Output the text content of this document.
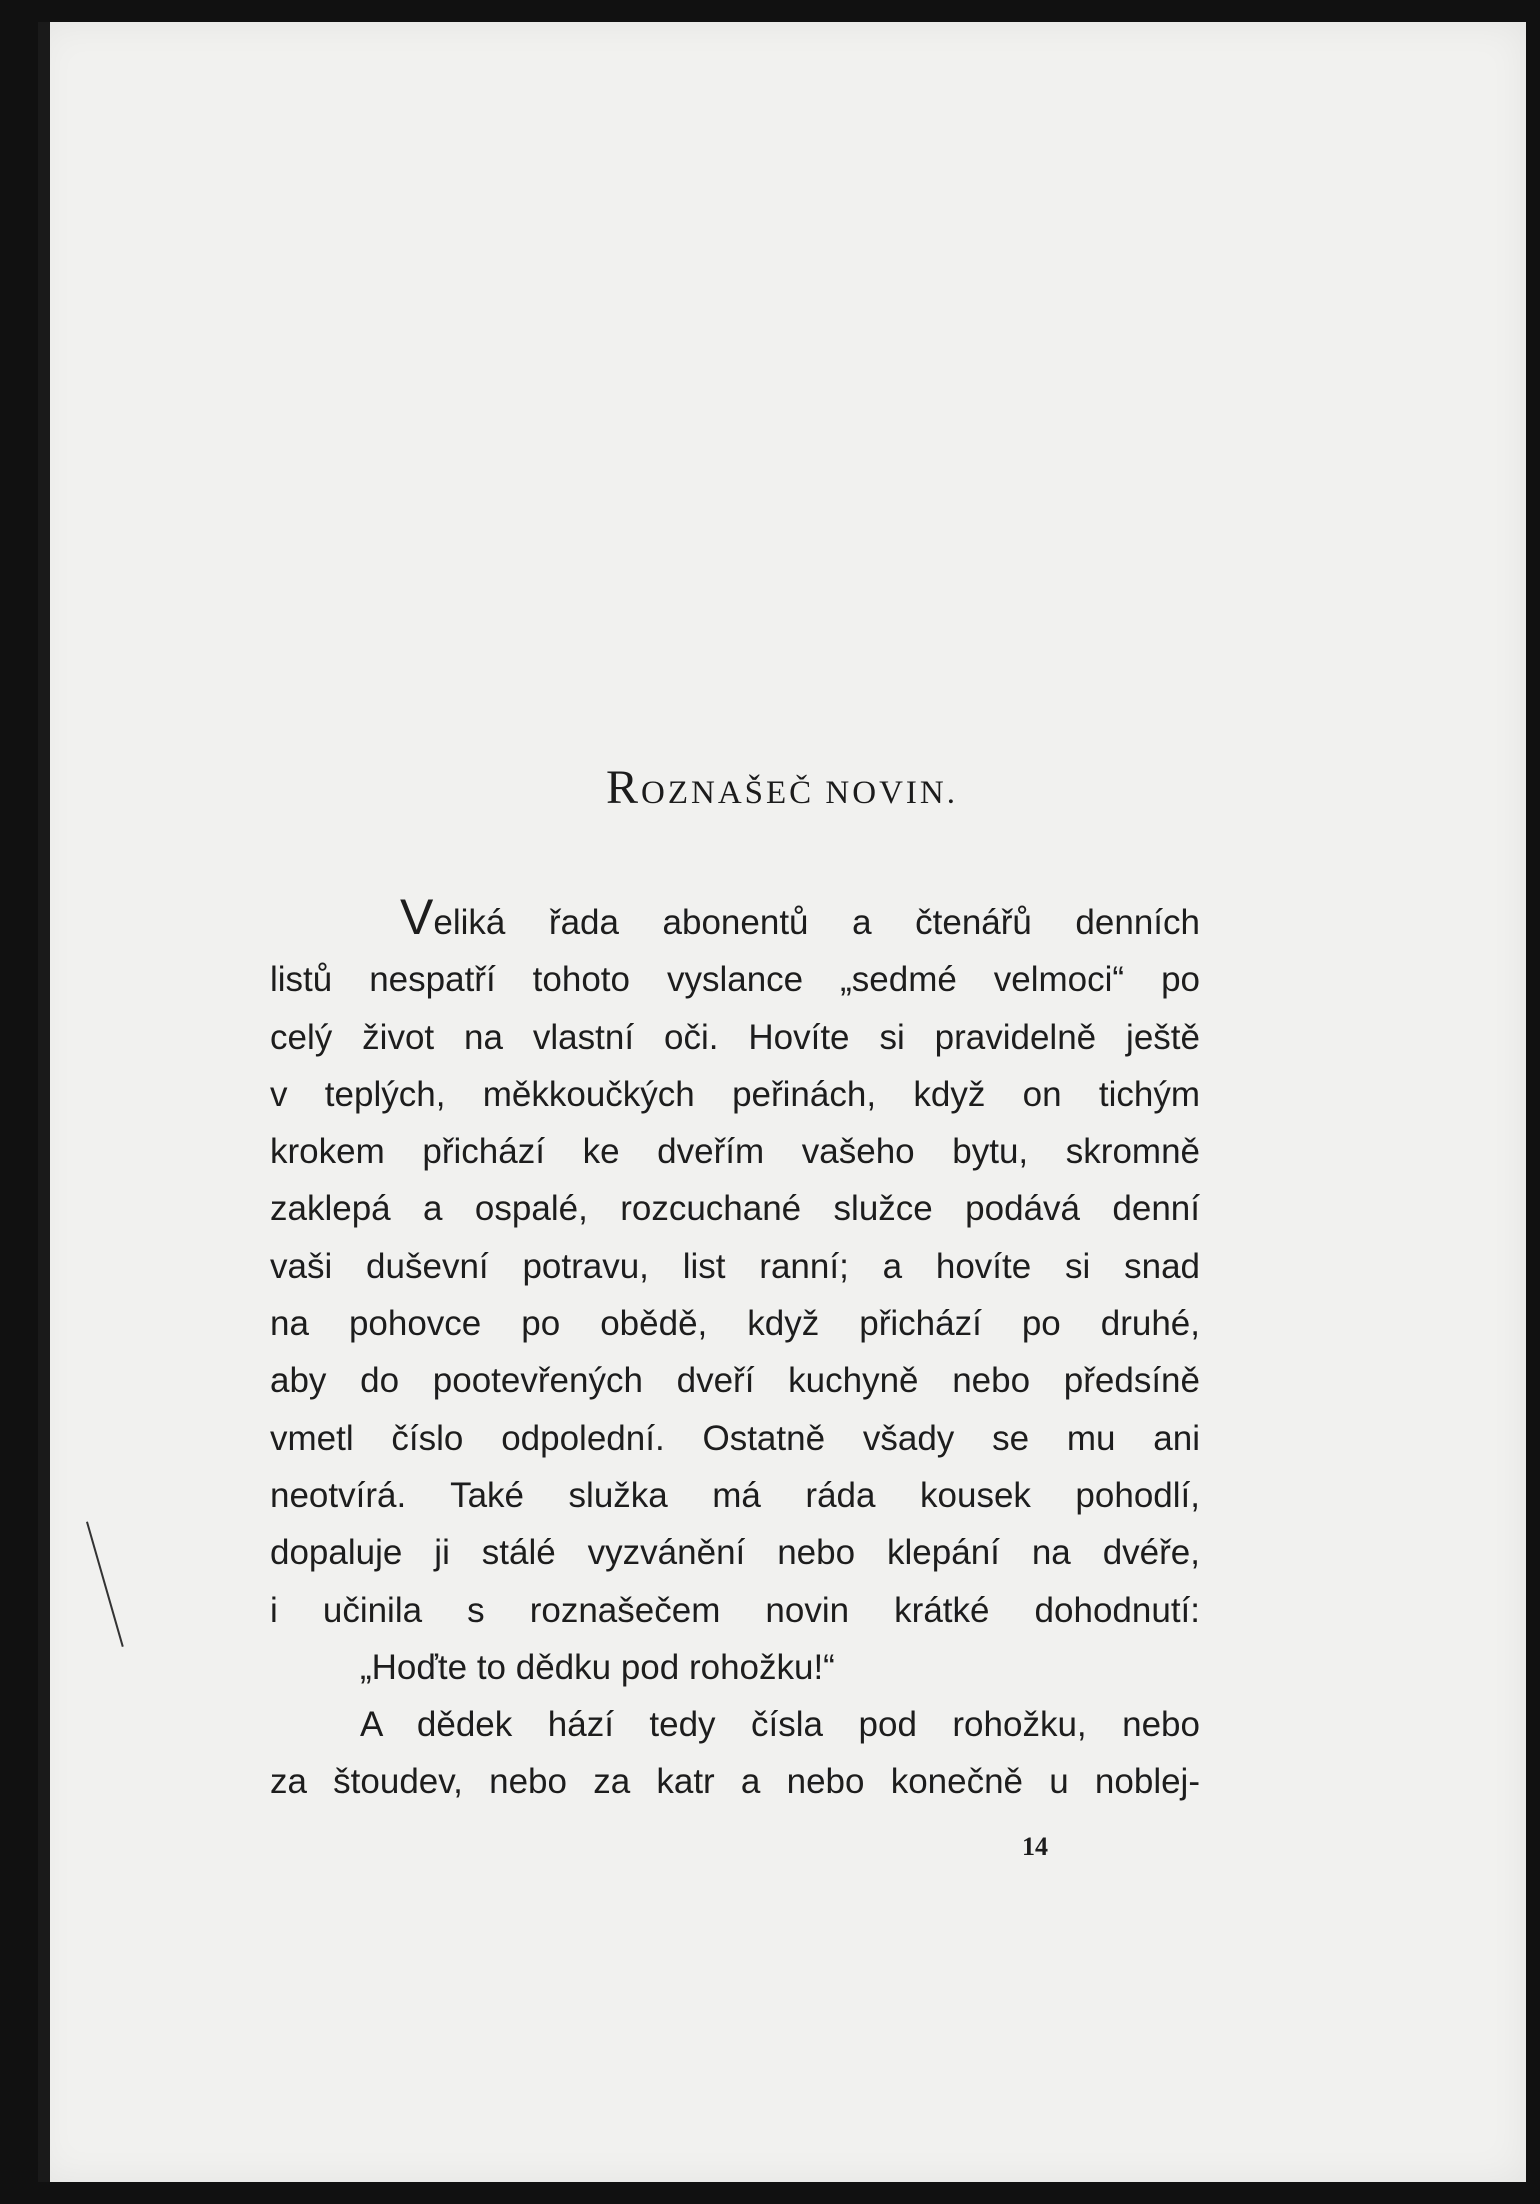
ROZNAŠEČ NOVIN.
Veliká řada abonentů a čtenářů denních
listů nespatří tohoto vyslance „sedmé velmoci“ po
celý život na vlastní oči. Hovíte si pravidelně ještě
v teplých, měkkoučkých peřinách, když on tichým
krokem přichází ke dveřím vašeho bytu, skromně
zaklepá a ospalé, rozcuchané služce podává denní
vaši duševní potravu, list ranní; a hovíte si snad
na pohovce po obědě, když přichází po druhé,
aby do pootevřených dveří kuchyně nebo předsíně
vmetl číslo odpolední. Ostatně všady se mu ani
neotvírá. Také služka má ráda kousek pohodlí,
dopaluje ji stálé vyzvánění nebo klepání na dvéře,
i učinila s roznašečem novin krátké dohodnutí:
„Hoďte to dědku pod rohožku!“
A dědek hází tedy čísla pod rohožku, nebo
za štoudev, nebo za katr a nebo konečně u noblej-
14
